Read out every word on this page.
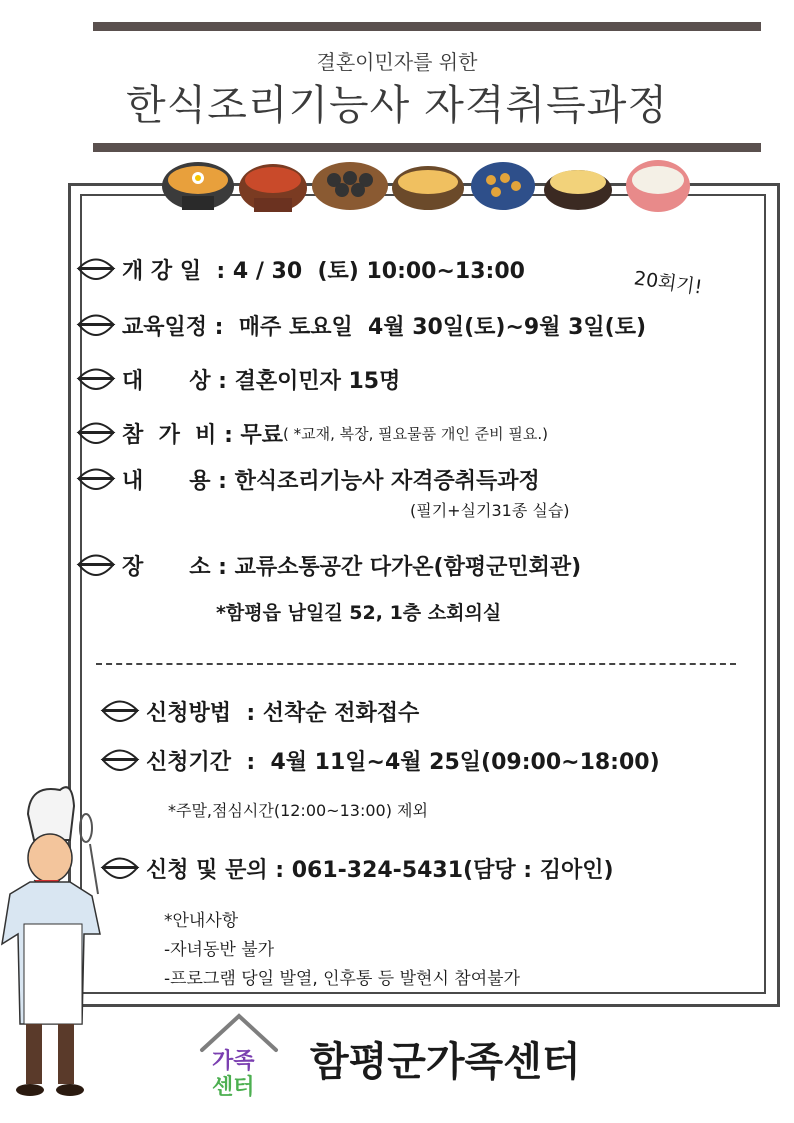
결혼이민자를 위한
한식조리기능사 자격취득과정
20회기!
개 강 일 : 4 / 30  (토) 10:00~13:00
교육일정 :  매주 토요일  4월 30일(토)~9월 3일(토)
대      상 : 결혼이민자 15명
참  가  비 : 무료 ( *교재, 복장, 필요물품 개인 준비 필요.)
내      용 : 한식조리기능사 자격증취득과정
(필기+실기31종 실습)
장      소 : 교류소통공간 다가온(함평군민회관)
*함평읍 남일길 52, 1층 소회의실
신청방법 : 선착순 전화접수
신청기간 :  4월 11일~4월 25일(09:00~18:00)
*주말,점심시간(12:00~13:00) 제외
신청 및 문의 : 061-324-5431(담당 : 김아인)
*안내사항
-자녀동반 불가
-프로그램 당일 발열, 인후통 등 발현시 참여불가
가족
센터
함평군가족센터
